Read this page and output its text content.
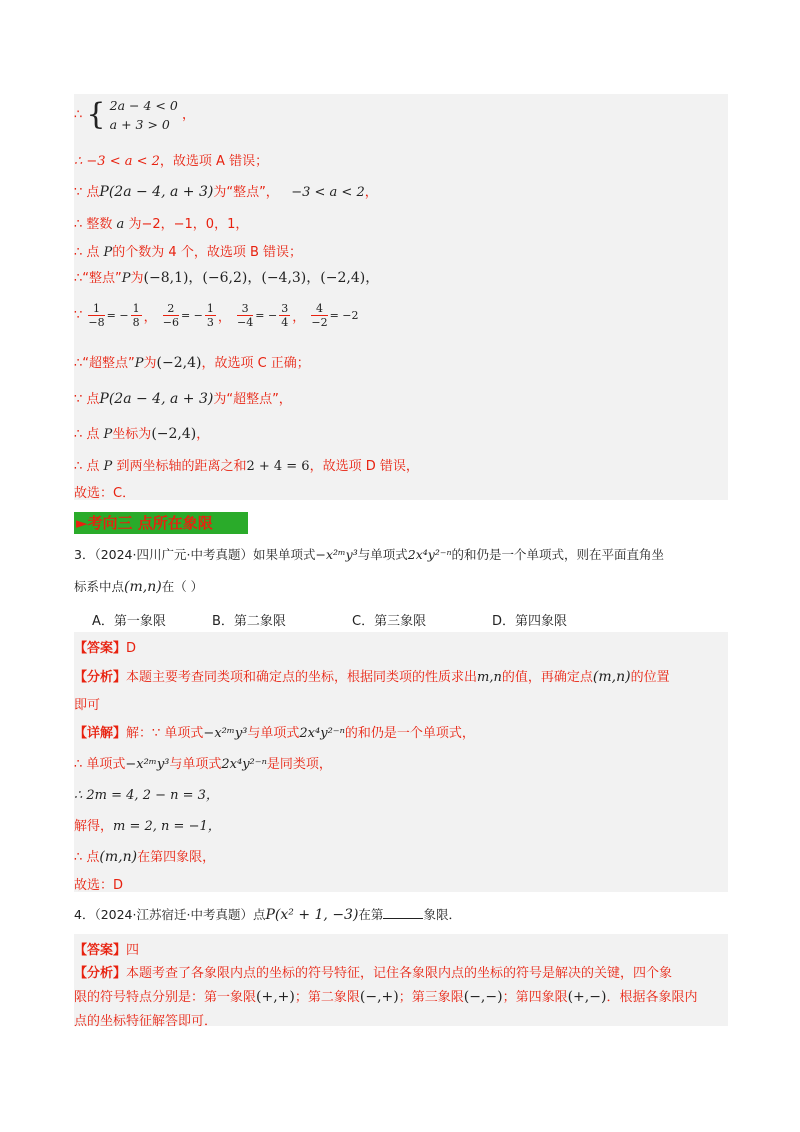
∴ { 2a − 4 < 0
a + 3 > 0 ，
∴ −3 < a < 2，故选项 A 错误；
∵ 点P(2a − 4, a + 3)为“整点”， −3 < a < 2，
∴ 整数 a 为−2，−1，0，1，
∴ 点 P的个数为 4 个，故选项 B 错误；
∴“整点”P为(−8,1)，(−6,2)，(−4,3)，(−2,4)，
∵ $\frac{1}{-8}$ = − $\frac{1}{8}$ ， $\frac{2}{-6}$ = − $\frac{1}{3}$ ， $\frac{3}{-4}$ = − $\frac{3}{4}$ ， $\frac{4}{-2} = -2$
∴“超整点”P为(−2,4)，故选项 C 正确；
∵ 点P(2a − 4, a + 3)为“超整点”，
∴ 点 P坐标为(−2,4)，
∴ 点 P 到两坐标轴的距离之和2 + 4 = 6，故选项 D 错误，
故选：C．
►考向三 点所在象限
3．（2024·四川广元·中考真题）如果单项式−x²ᵐy³与单项式2x⁴y²⁻ⁿ的和仍是一个单项式，则在平面直角坐
标系中点(m,n)在（ ）
A．第一象限	B．第二象限	C．第三象限	D．第四象限
【答案】D
【分析】本题主要考查同类项和确定点的坐标，根据同类项的性质求出m,n的值，再确定点(m,n)的位置
即可
【详解】解：∵ 单项式−x²ᵐy³与单项式2x⁴y²⁻ⁿ的和仍是一个单项式，
∴ 单项式−x²ᵐy³与单项式2x⁴y²⁻ⁿ是同类项，
∴ 2m = 4, 2 − n = 3，
解得，m = 2, n = −1，
∴ 点(m,n)在第四象限，
故选：D
4．（2024·江苏宿迁·中考真题）点P(x² + 1, −3)在第	象限．
【答案】四
【分析】本题考查了各象限内点的坐标的符号特征，记住各象限内点的坐标的符号是解决的关键，四个象
限的符号特点分别是：第一象限(+,+)；第二象限(−,+)；第三象限(−,−)；第四象限(+,−)．根据各象限内
点的坐标特征解答即可．
